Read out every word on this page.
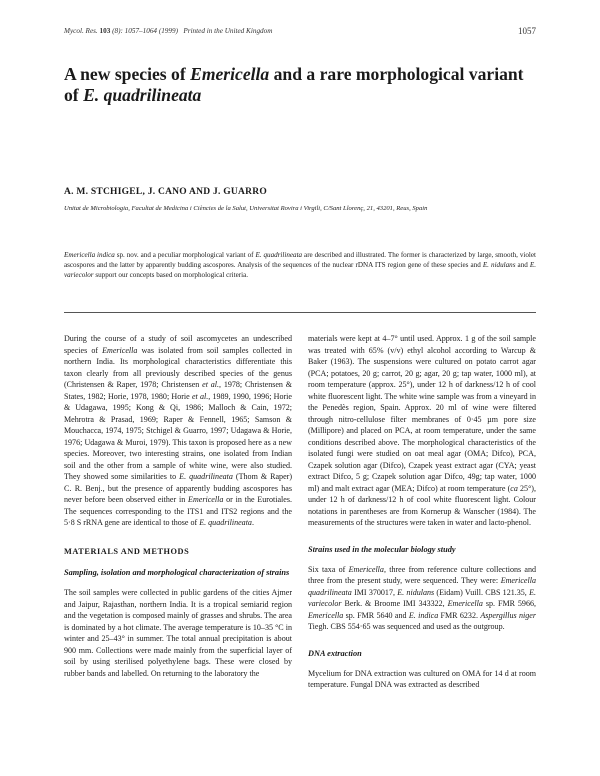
Mycol. Res. 103 (8): 1057–1064 (1999) Printed in the United Kingdom	1057
A new species of Emericella and a rare morphological variant of E. quadrilineata
A. M. STCHIGEL, J. CANO AND J. GUARRO
Unitat de Microbiologia, Facultat de Medicina i Ciències de la Salut, Universitat Rovira i Virgili, C/Sant Llorenç, 21, 43201, Reus, Spain

Emericella indica sp. nov. and a peculiar morphological variant of E. quadrilineata are described and illustrated. The former is characterized by large, smooth, violet ascospores and the latter by apparently budding ascospores. Analysis of the sequences of the nuclear rDNA ITS region gene of these species and E. nidulans and E. variecolor support our concepts based on morphological criteria.

During the course of a study of soil ascomycetes an undescribed species of Emericella was isolated from soil samples collected in northern India. Its morphological characteristics differentiate this taxon clearly from all previously described species of the genus (Christensen & Raper, 1978; Christensen et al., 1978; Christensen & States, 1982; Horie, 1978, 1980; Horie et al., 1989, 1990, 1996; Horie & Udagawa, 1995; Kong & Qi, 1986; Malloch & Cain, 1972; Mehrotra & Prasad, 1969; Raper & Fennell, 1965; Samson & Mouchacca, 1974, 1975; Stchigel & Guarro, 1997; Udagawa & Horie, 1976; Udagawa & Muroi, 1979). This taxon is proposed here as a new species. Moreover, two interesting strains, one isolated from Indian soil and the other from a sample of white wine, were also studied. They showed some similarities to E. quadrilineata (Thom & Raper) C. R. Benj., but the presence of apparently budding ascospores has never before been observed either in Emericella or in the Eurotiales. The sequences corresponding to the ITS1 and ITS2 regions and the 5·8 S rRNA gene are identical to those of E. quadrilineata.

MATERIALS AND METHODS
Sampling, isolation and morphological characterization of strains

The soil samples were collected in public gardens of the cities Ajmer and Jaipur, Rajasthan, northern India. It is a tropical semiarid region and the vegetation is composed mainly of grasses and shrubs. The area is dominated by a hot climate. The average temperature is 10–35 °C in winter and 25–43° in summer. The total annual precipitation is about 900 mm. Collections were made mainly from the superficial layer of soil by using sterilised polyethylene bags. These were closed by rubber bands and labelled. On returning to the laboratory the

materials were kept at 4–7° until used. Approx. 1 g of the soil sample was treated with 65% (v/v) ethyl alcohol according to Warcup & Baker (1963). The suspensions were cultured on potato carrot agar (PCA; potatoes, 20 g; carrot, 20 g; agar, 20 g; tap water, 1000 ml), at room temperature (approx. 25°), under 12 h of darkness/12 h of cool white fluorescent light. The white wine sample was from a vineyard in the Penedès region, Spain. Approx. 20 ml of wine were filtered through nitro-cellulose filter membranes of 0·45 µm pore size (Millipore) and placed on PCA, at room temperature, under the same conditions described above. The morphological characteristics of the isolated fungi were studied on oat meal agar (OMA; Difco), PCA, Czapek solution agar (Difco), Czapek yeast extract agar (CYA; yeast extract Difco, 5 g; Czapek solution agar Difco, 49g; tap water, 1000 ml) and malt extract agar (MEA; Difco) at room temperature (ca 25°), under 12 h of darkness/12 h of cool white fluorescent light. Colour notations in parentheses are from Kornerup & Wanscher (1984). The measurements of the structures were taken in water and lacto-phenol.

Strains used in the molecular biology study

Six taxa of Emericella, three from reference culture collections and three from the present study, were sequenced. They were: Emericella quadrilineata IMI 370017, E. nidulans (Eidam) Vuill. CBS 121.35, E. variecolor Berk. & Broome IMI 343322, Emericella sp. FMR 5966, Emericella sp. FMR 5640 and E. indica FMR 6232. Aspergillus niger Tiegh. CBS 554·65 was sequenced and used as the outgroup.

DNA extraction

Mycelium for DNA extraction was cultured on OMA for 14 d at room temperature. Fungal DNA was extracted as described
